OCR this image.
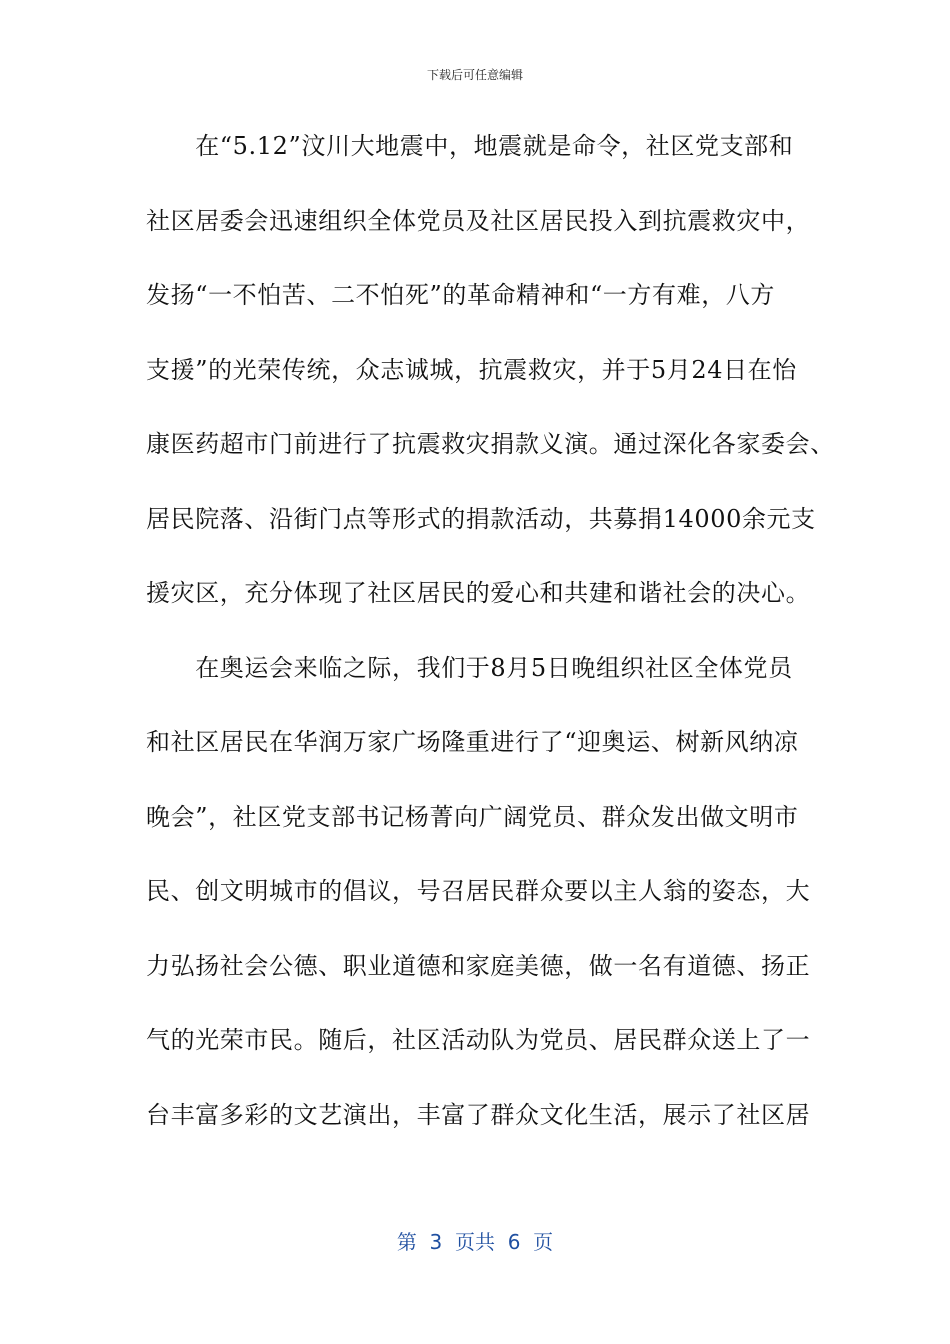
下载后可任意编辑
　　在“5.12”汶川大地震中，地震就是命令，社区党支部和
社区居委会迅速组织全体党员及社区居民投入到抗震救灾中，
发扬“一不怕苦、二不怕死”的革命精神和“一方有难，八方
支援”的光荣传统，众志诚城，抗震救灾，并于5月24日在怡
康医药超市门前进行了抗震救灾捐款义演。通过深化各家委会、
居民院落、沿街门点等形式的捐款活动，共募捐14000余元支
援灾区，充分体现了社区居民的爱心和共建和谐社会的决心。
　　在奥运会来临之际，我们于8月5日晚组织社区全体党员
和社区居民在华润万家广场隆重进行了“迎奥运、树新风纳凉
晚会”，社区党支部书记杨菁向广阔党员、群众发出做文明市
民、创文明城市的倡议，号召居民群众要以主人翁的姿态，大
力弘扬社会公德、职业道德和家庭美德，做一名有道德、扬正
气的光荣市民。随后，社区活动队为党员、居民群众送上了一
台丰富多彩的文艺演出，丰富了群众文化生活，展示了社区居
第  3  页共  6  页
